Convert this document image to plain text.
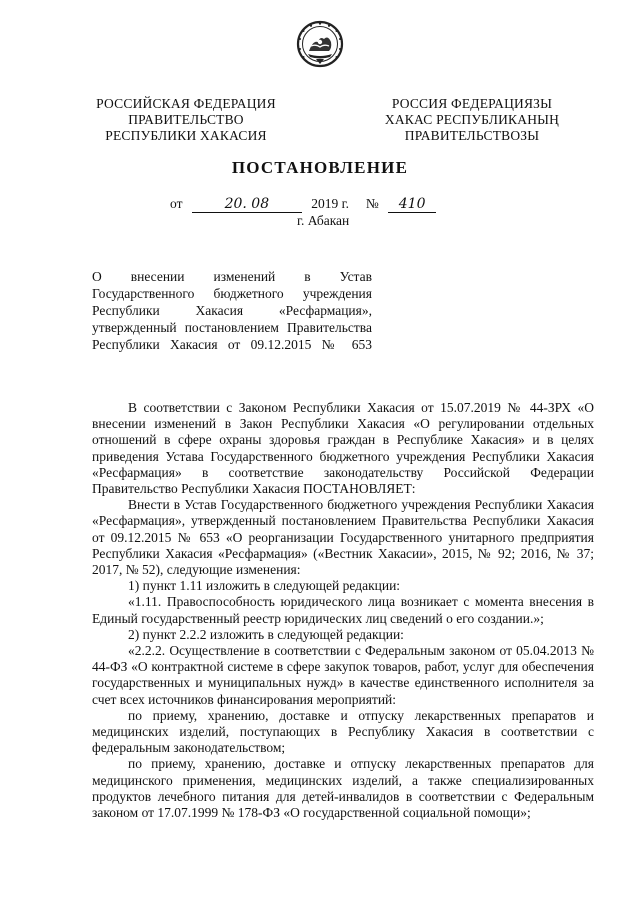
РОССИЙСКАЯ ФЕДЕРАЦИЯ
ПРАВИТЕЛЬСТВО
РЕСПУБЛИКИ ХАКАСИЯ
РОССИЯ ФЕДЕРАЦИЯЗЫ
ХАКАС РЕСПУБЛИКАНЫҢ
ПРАВИТЕЛЬСТВОЗЫ
ПОСТАНОВЛЕНИЕ
от	20. 08	2019 г. № 410
г. Абакан
О внесении изменений в Устав
Государственного бюджетного учреждения
Республики Хакасия «Ресфармация»,
утвержденный постановлением Правительства
Республики Хакасия от 09.12.2015 № 653

В соответствии с Законом Республики Хакасия от 15.07.2019 № 44-ЗРХ «О внесении изменений в Закон Республики Хакасия «О регулировании отдельных отношений в сфере охраны здоровья граждан в Республике Хакасия» и в целях приведения Устава Государственного бюджетного учреждения Республики Хакасия «Ресфармация» в соответствие законодательству Российской Федерации Правительство Республики Хакасия ПОСТАНОВЛЯЕТ:

Внести в Устав Государственного бюджетного учреждения Республики Хакасия «Ресфармация», утвержденный постановлением Правительства Республики Хакасия от 09.12.2015 № 653 «О реорганизации Государственного унитарного предприятия Республики Хакасия «Ресфармация» («Вестник Хакасии», 2015, № 92; 2016, № 37; 2017, № 52), следующие изменения:

1) пункт 1.11 изложить в следующей редакции:

«1.11. Правоспособность юридического лица возникает с момента внесения в Единый государственный реестр юридических лиц сведений о его создании.»;

2) пункт 2.2.2 изложить в следующей редакции:

«2.2.2. Осуществление в соответствии с Федеральным законом от 05.04.2013 № 44-ФЗ «О контрактной системе в сфере закупок товаров, работ, услуг для обеспечения государственных и муниципальных нужд» в качестве единственного исполнителя за счет всех источников финансирования мероприятий:

по приему, хранению, доставке и отпуску лекарственных препаратов и медицинских изделий, поступающих в Республику Хакасия в соответствии с федеральным законодательством;

по приему, хранению, доставке и отпуску лекарственных препаратов для медицинского применения, медицинских изделий, а также специализированных продуктов лечебного питания для детей-инвалидов в соответствии с Федеральным законом от 17.07.1999 № 178-ФЗ «О государственной социальной помощи»;
